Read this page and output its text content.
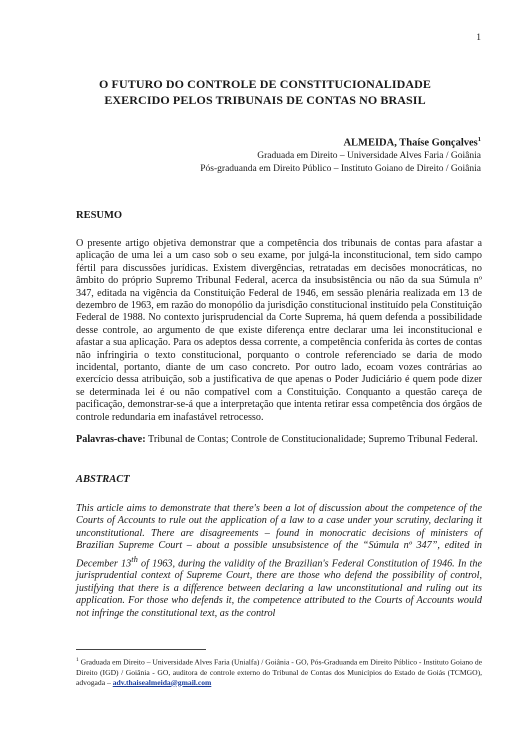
1
O FUTURO DO CONTROLE DE CONSTITUCIONALIDADE
EXERCIDO PELOS TRIBUNAIS DE CONTAS NO BRASIL
ALMEIDA, Thaíse Gonçalves$^1$
Graduada em Direito – Universidade Alves Faria / Goiânia
Pós-graduanda em Direito Público – Instituto Goiano de Direito / Goiânia
RESUMO
O presente artigo objetiva demonstrar que a competência dos tribunais de contas para afastar a aplicação de uma lei a um caso sob o seu exame, por julgá-la inconstitucional, tem sido campo fértil para discussões jurídicas. Existem divergências, retratadas em decisões monocráticas, no âmbito do próprio Supremo Tribunal Federal, acerca da insubsistência ou não da sua Súmula nº 347, editada na vigência da Constituição Federal de 1946, em sessão plenária realizada em 13 de dezembro de 1963, em razão do monopólio da jurisdição constitucional instituído pela Constituição Federal de 1988. No contexto jurisprudencial da Corte Suprema, há quem defenda a possibilidade desse controle, ao argumento de que existe diferença entre declarar uma lei inconstitucional e afastar a sua aplicação. Para os adeptos dessa corrente, a competência conferida às cortes de contas não infringiria o texto constitucional, porquanto o controle referenciado se daria de modo incidental, portanto, diante de um caso concreto. Por outro lado, ecoam vozes contrárias ao exercício dessa atribuição, sob a justificativa de que apenas o Poder Judiciário é quem pode dizer se determinada lei é ou não compatível com a Constituição. Conquanto a questão careça de pacificação, demonstrar-se-á que a interpretação que intenta retirar essa competência dos órgãos de controle redundaria em inafastável retrocesso.
Palavras-chave: Tribunal de Contas; Controle de Constitucionalidade; Supremo Tribunal Federal.
ABSTRACT
This article aims to demonstrate that there's been a lot of discussion about the competence of the Courts of Accounts to rule out the application of a law to a case under your scrutiny, declaring it unconstitutional. There are disagreements – found in monocratic decisions of ministers of Brazilian Supreme Court – about a possible unsubsistence of the “Súmula nº 347”, edited in December 13th of 1963, during the validity of the Brazilian's Federal Constitution of 1946. In the jurisprudential context of Supreme Court, there are those who defend the possibility of control, justifying that there is a difference between declaring a law unconstitutional and ruling out its application. For those who defends it, the competence attributed to the Courts of Accounts would not infringe the constitutional text, as the control
$^1$ Graduada em Direito – Universidade Alves Faria (Unialfa) / Goiânia - GO, Pós-Graduanda em Direito Público - Instituto Goiano de Direito (IGD) / Goiânia - GO, auditora de controle externo do Tribunal de Contas dos Municípios do Estado de Goiás (TCMGO), advogada – adv.thaisealmeida@gmail.com
